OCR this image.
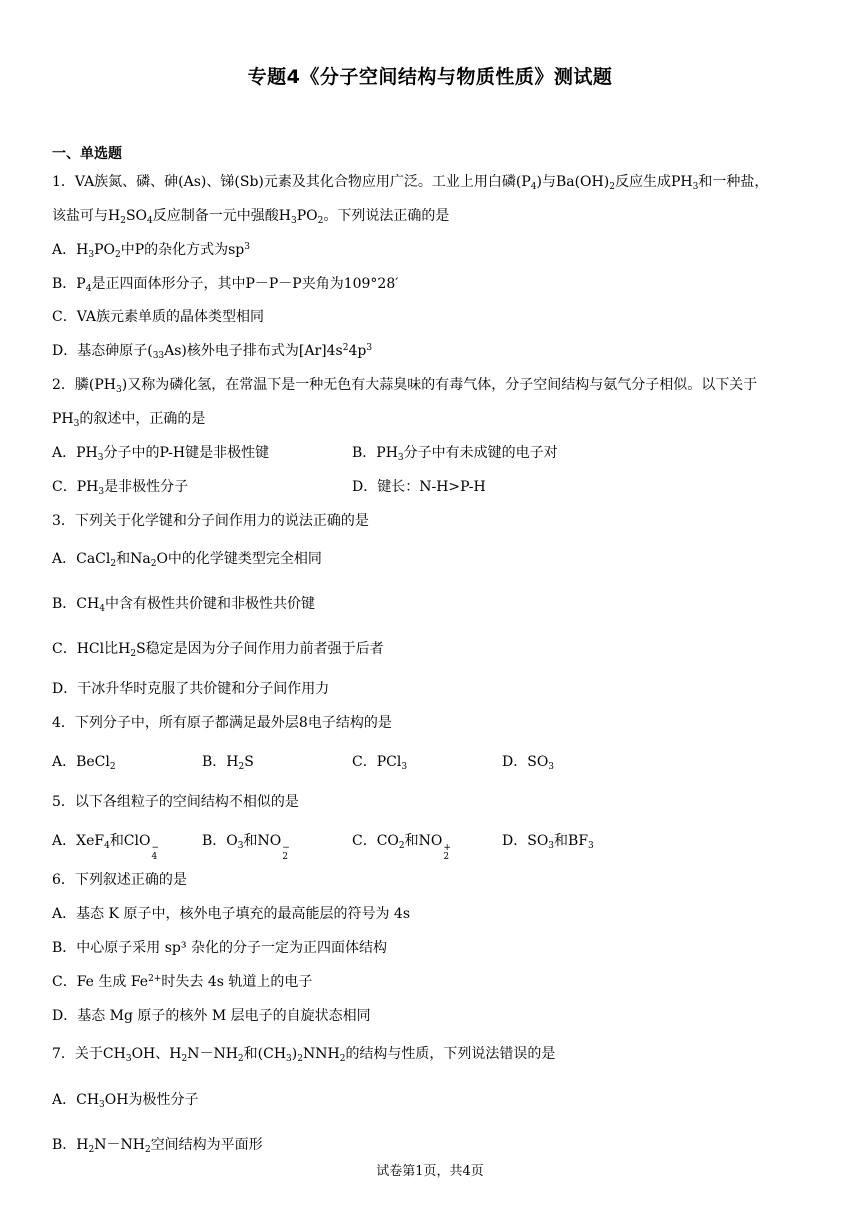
专题4《分子空间结构与物质性质》测试题
一、单选题
1．VA族氮、磷、砷(As)、锑(Sb)元素及其化合物应用广泛。工业上用白磷$(P_4)$与$Ba(OH)_2$反应生成$PH_3$和一种盐，
该盐可与$H_2SO_4$反应制备一元中强酸$H_3PO_2$。下列说法正确的是
A．$H_3PO_2$中P的杂化方式为$sp^3$
B．$P_4$是正四面体形分子，其中P－P－P夹角为109°28′
C．VA族元素单质的晶体类型相同
D．基态砷原子$(_{33}As)$核外电子排布式为$[Ar]4s^24p^3$
2．膦$(PH_3)$又称为磷化氢，在常温下是一种无色有大蒜臭味的有毒气体，分子空间结构与氨气分子相似。以下关于
$PH_3$的叙述中，正确的是
A．$PH_3$分子中的P-H键是非极性键	B．$PH_3$分子中有未成键的电子对
C．$PH_3$是非极性分子	D．键长：N-H>P-H
3．下列关于化学键和分子间作用力的说法正确的是
A．CaCl$_2$和$Na_2O$中的化学键类型完全相同
B．$CH_4$中含有极性共价键和非极性共价键
C．HCl比$H_2S$稳定是因为分子间作用力前者强于后者
D．干冰升华时克服了共价键和分子间作用力
4．下列分子中，所有原子都满足最外层8电子结构的是
A．BeCl$_2$	B．$H_2S$	C．PCl$_3$	D．$SO_3$
5．以下各组粒子的空间结构不相似的是
A．XeF$_4$和ClO −
4
B．$O_3$和NO −
2
C．$CO_2$和NO +
2
D．$SO_3$和$BF_3$
6．下列叙述正确的是
A．基态 K 原子中，核外电子填充的最高能层的符号为 4s
B．中心原子采用 sp³ 杂化的分子一定为正四面体结构
C．Fe 生成 $Fe^{2+}$时失去 4s 轨道上的电子
D．基态 Mg 原子的核外 M 层电子的自旋状态相同
7．关于$CH_3OH$、$H_2N-NH_2$和$(CH_3)_2NNH_2$的结构与性质，下列说法错误的是
A．$CH_3OH$为极性分子
B．$H_2N-NH_2$空间结构为平面形
试卷第1页，共4页
